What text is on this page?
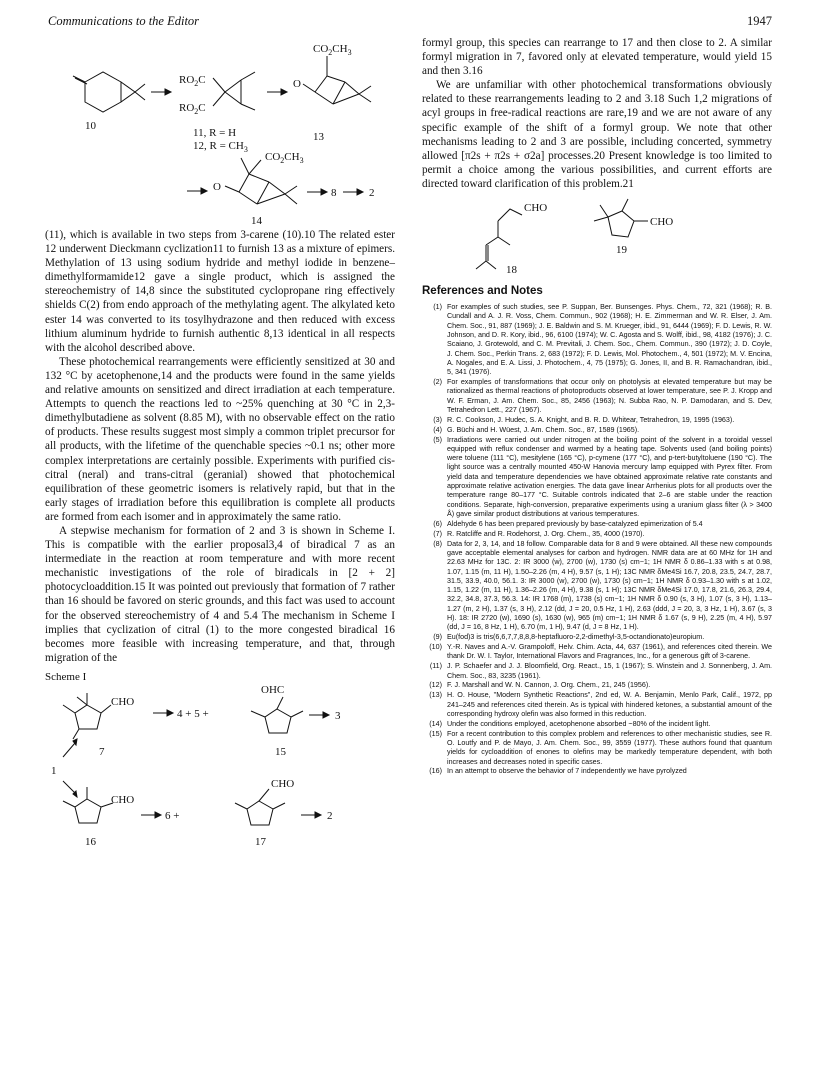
Communications to the Editor	1947
10
$RO_2C$
$RO_2C$
11, R = H
12, $R = CH_3$
O
$CO_2CH_3$
13
O
$CO_2CH_3$
8	2
14

(11), which is available in two steps from 3-carene (10).10 The related ester 12 underwent Dieckmann cyclization11 to furnish 13 as a mixture of epimers. Methylation of 13 using sodium hydride and methyl iodide in benzene–dimethylformamide12 gave a single product, which is assigned the stereochemistry of 14,8 since the substituted cyclopropane ring effectively shields C(2) from endo approach of the methylating agent. The alkylated keto ester 14 was converted to its tosylhydrazone and then reduced with excess lithium aluminum hydride to furnish authentic 8,13 identical in all respects with the alcohol described above.

These photochemical rearrangements were efficiently sensitized at 30 and 132 °C by acetophenone,14 and the products were found in the same yields and relative amounts on sensitized and direct irradiation at each temperature. Attempts to quench the reactions led to ~25% quenching at 30 °C in 2,3-dimethylbutadiene as solvent (8.85 M), with no observable effect on the ratio of products. These results suggest most simply a common triplet precursor for all products, with the lifetime of the quenchable species ~0.1 ns; other more complex interpretations are certainly possible. Experiments with purified cis-citral (neral) and trans-citral (geranial) showed that photochemical equilibration of these geometric isomers is relatively rapid, but that in the early stages of irradiation before this equilibration is complete all products are formed from each isomer and in approximately the same ratio.

A stepwise mechanism for formation of 2 and 3 is shown in Scheme I. This is compatible with the earlier proposal3,4 of biradical 7 as an intermediate in the reaction at room temperature and with more recent mechanistic investigations of the role of biradicals in [2 + 2] photocycloaddition.15 It was pointed out previously that formation of 7 rather than 16 should be favored on steric grounds, and this fact was used to account for the observed stereochemistry of 4 and 5.4 The mechanism in Scheme I implies that cyclization of citral (1) to the more congested biradical 16 becomes more feasible with increasing temperature, and that, through migration of the

Scheme I
CHO
4 + 5 +
OHC
3
7	15
1
CHO
6 +
CHO
2
16	17

formyl group, this species can rearrange to 17 and then close to 2. A similar formyl migration in 7, favored only at elevated temperature, would yield 15 and then 3.16

We are unfamiliar with other photochemical transformations obviously related to these rearrangements leading to 2 and 3.18 Such 1,2 migrations of acyl groups in free-radical reactions are rare,19 and we are not aware of any specific example of the shift of a formyl group. We note that other mechanisms leading to 2 and 3 are possible, including concerted, symmetry allowed [π2s + π2s + σ2a] processes.20 Present knowledge is too limited to permit a choice among the various possibilities, and current efforts are directed toward clarification of this problem.21

CHO
18
CHO
19
References and Notes
(1) For examples of such studies, see P. Suppan, Ber. Bunsenges. Phys. Chem., 72, 321 (1968); R. B. Cundall and A. J. R. Voss, Chem. Commun., 902 (1968); H. E. Zimmerman and W. R. Elser, J. Am. Chem. Soc., 91, 887 (1969); J. E. Baldwin and S. M. Krueger, ibid., 91, 6444 (1969); F. D. Lewis, R. W. Johnson, and D. R. Kory, ibid., 96, 6100 (1974); W. C. Agosta and S. Wolff, ibid., 98, 4182 (1976); J. C. Scaiano, J. Grotewold, and C. M. Previtali, J. Chem. Soc., Chem. Commun., 390 (1972); J. D. Coyle, J. Chem. Soc., Perkin Trans. 2, 683 (1972); F. D. Lewis, Mol. Photochem., 4, 501 (1972); M. V. Encina, A. Nogales, and E. A. Lissi, J. Photochem., 4, 75 (1975); G. Jones, II, and B. R. Ramachandran, ibid., 5, 341 (1976).
(2) For examples of transformations that occur only on photolysis at elevated temperature but may be rationalized as thermal reactions of photoproducts observed at lower temperature, see P. J. Kropp and W. F. Erman, J. Am. Chem. Soc., 85, 2456 (1963); N. Subba Rao, N. P. Damodaran, and S. Dev, Tetrahedron Lett., 227 (1967).
(3) R. C. Cookson, J. Hudec, S. A. Knight, and B. R. D. Whitear, Tetrahedron, 19, 1995 (1963).
(4) G. Büchi and H. Wüest, J. Am. Chem. Soc., 87, 1589 (1965).
(5) Irradiations were carried out under nitrogen at the boiling point of the solvent in a toroidal vessel equipped with reflux condenser and warmed by a heating tape. Solvents used (and boiling points) were toluene (111 °C), mesitylene (165 °C), p-cymene (177 °C), and p-tert-butyltoluene (190 °C). The light source was a centrally mounted 450-W Hanovia mercury lamp equipped with Pyrex filter. From yield data and temperature dependencies we have obtained approximate relative rate constants and approximate relative activation energies. The data gave linear Arrhenius plots for all products over the temperature range 80–177 °C. Suitable controls indicated that 2–6 are stable under the reaction conditions. Separate, high-conversion, preparative experiments using a uranium glass filter (λ > 3400 Å) gave similar product distributions at various temperatures.
(6) Aldehyde 6 has been prepared previously by base-catalyzed epimerization of 5.4
(7) R. Ratcliffe and R. Rodehorst, J. Org. Chem., 35, 4000 (1970).
(8) Data for 2, 3, 14, and 18 follow. Comparable data for 8 and 9 were obtained. All these new compounds gave acceptable elemental analyses for carbon and hydrogen. NMR data are at 60 MHz for 1H and 22.63 MHz for 13C. 2: IR 3000 (w), 2700 (w), 1730 (s) cm−1; 1H NMR δ 0.86–1.33 with s at 0.98, 1.07, 1.15 (m, 11 H), 1.50–2.26 (m, 4 H), 9.57 (s, 1 H); 13C NMR δMe4Si 16.7, 20.8, 23.5, 24.7, 28.7, 31.5, 33.9, 40.0, 56.1. 3: IR 3000 (w), 2700 (w), 1730 (s) cm−1; 1H NMR δ 0.93–1.30 with s at 1.02, 1.15, 1.22 (m, 11 H), 1.36–2.26 (m, 4 H), 9.38 (s, 1 H); 13C NMR δMe4Si 17.0, 17.8, 21.6, 26.3, 29.4, 32.2, 34.8, 37.3, 56.3. 14: IR 1768 (m), 1738 (s) cm−1; 1H NMR δ 0.90 (s, 3 H), 1.07 (s, 3 H), 1.13–1.27 (m, 2 H), 1.37 (s, 3 H), 2.12 (dd, J = 20, 0.5 Hz, 1 H), 2.63 (ddd, J = 20, 3, 3 Hz, 1 H), 3.67 (s, 3 H). 18: IR 2720 (w), 1690 (s), 1630 (w), 965 (m) cm−1; 1H NMR δ 1.67 (s, 9 H), 2.25 (m, 4 H), 5.97 (dd, J = 16, 8 Hz, 1 H), 6.70 (m, 1 H), 9.47 (d, J = 8 Hz, 1 H).
(9) Eu(fod)3 is tris(6,6,7,7,8,8,8-heptafluoro-2,2-dimethyl-3,5-octandionato)europium.
(10) Y.-R. Naves and A.-V. Grampoloff, Helv. Chim. Acta, 44, 637 (1961), and references cited therein. We thank Dr. W. I. Taylor, International Flavors and Fragrances, Inc., for a generous gift of 3-carene.
(11) J. P. Schaefer and J. J. Bloomfield, Org. React., 15, 1 (1967); S. Winstein and J. Sonnenberg, J. Am. Chem. Soc., 83, 3235 (1961).
(12) F. J. Marshall and W. N. Cannon, J. Org. Chem., 21, 245 (1956).
(13) H. O. House, "Modern Synthetic Reactions", 2nd ed, W. A. Benjamin, Menlo Park, Calif., 1972, pp 241–245 and references cited therein. As is typical with hindered ketones, a substantial amount of the corresponding hydroxy olefin was also formed in this reduction.
(14) Under the conditions employed, acetophenone absorbed ~80% of the incident light.
(15) For a recent contribution to this complex problem and references to other mechanistic studies, see R. O. Loutfy and P. de Mayo, J. Am. Chem. Soc., 99, 3559 (1977). These authors found that quantum yields for cycloaddition of enones to olefins may be markedly temperature dependent, with both increases and decreases noted in specific cases.
(16) In an attempt to observe the behavior of 7 independently we have pyrolyzed
